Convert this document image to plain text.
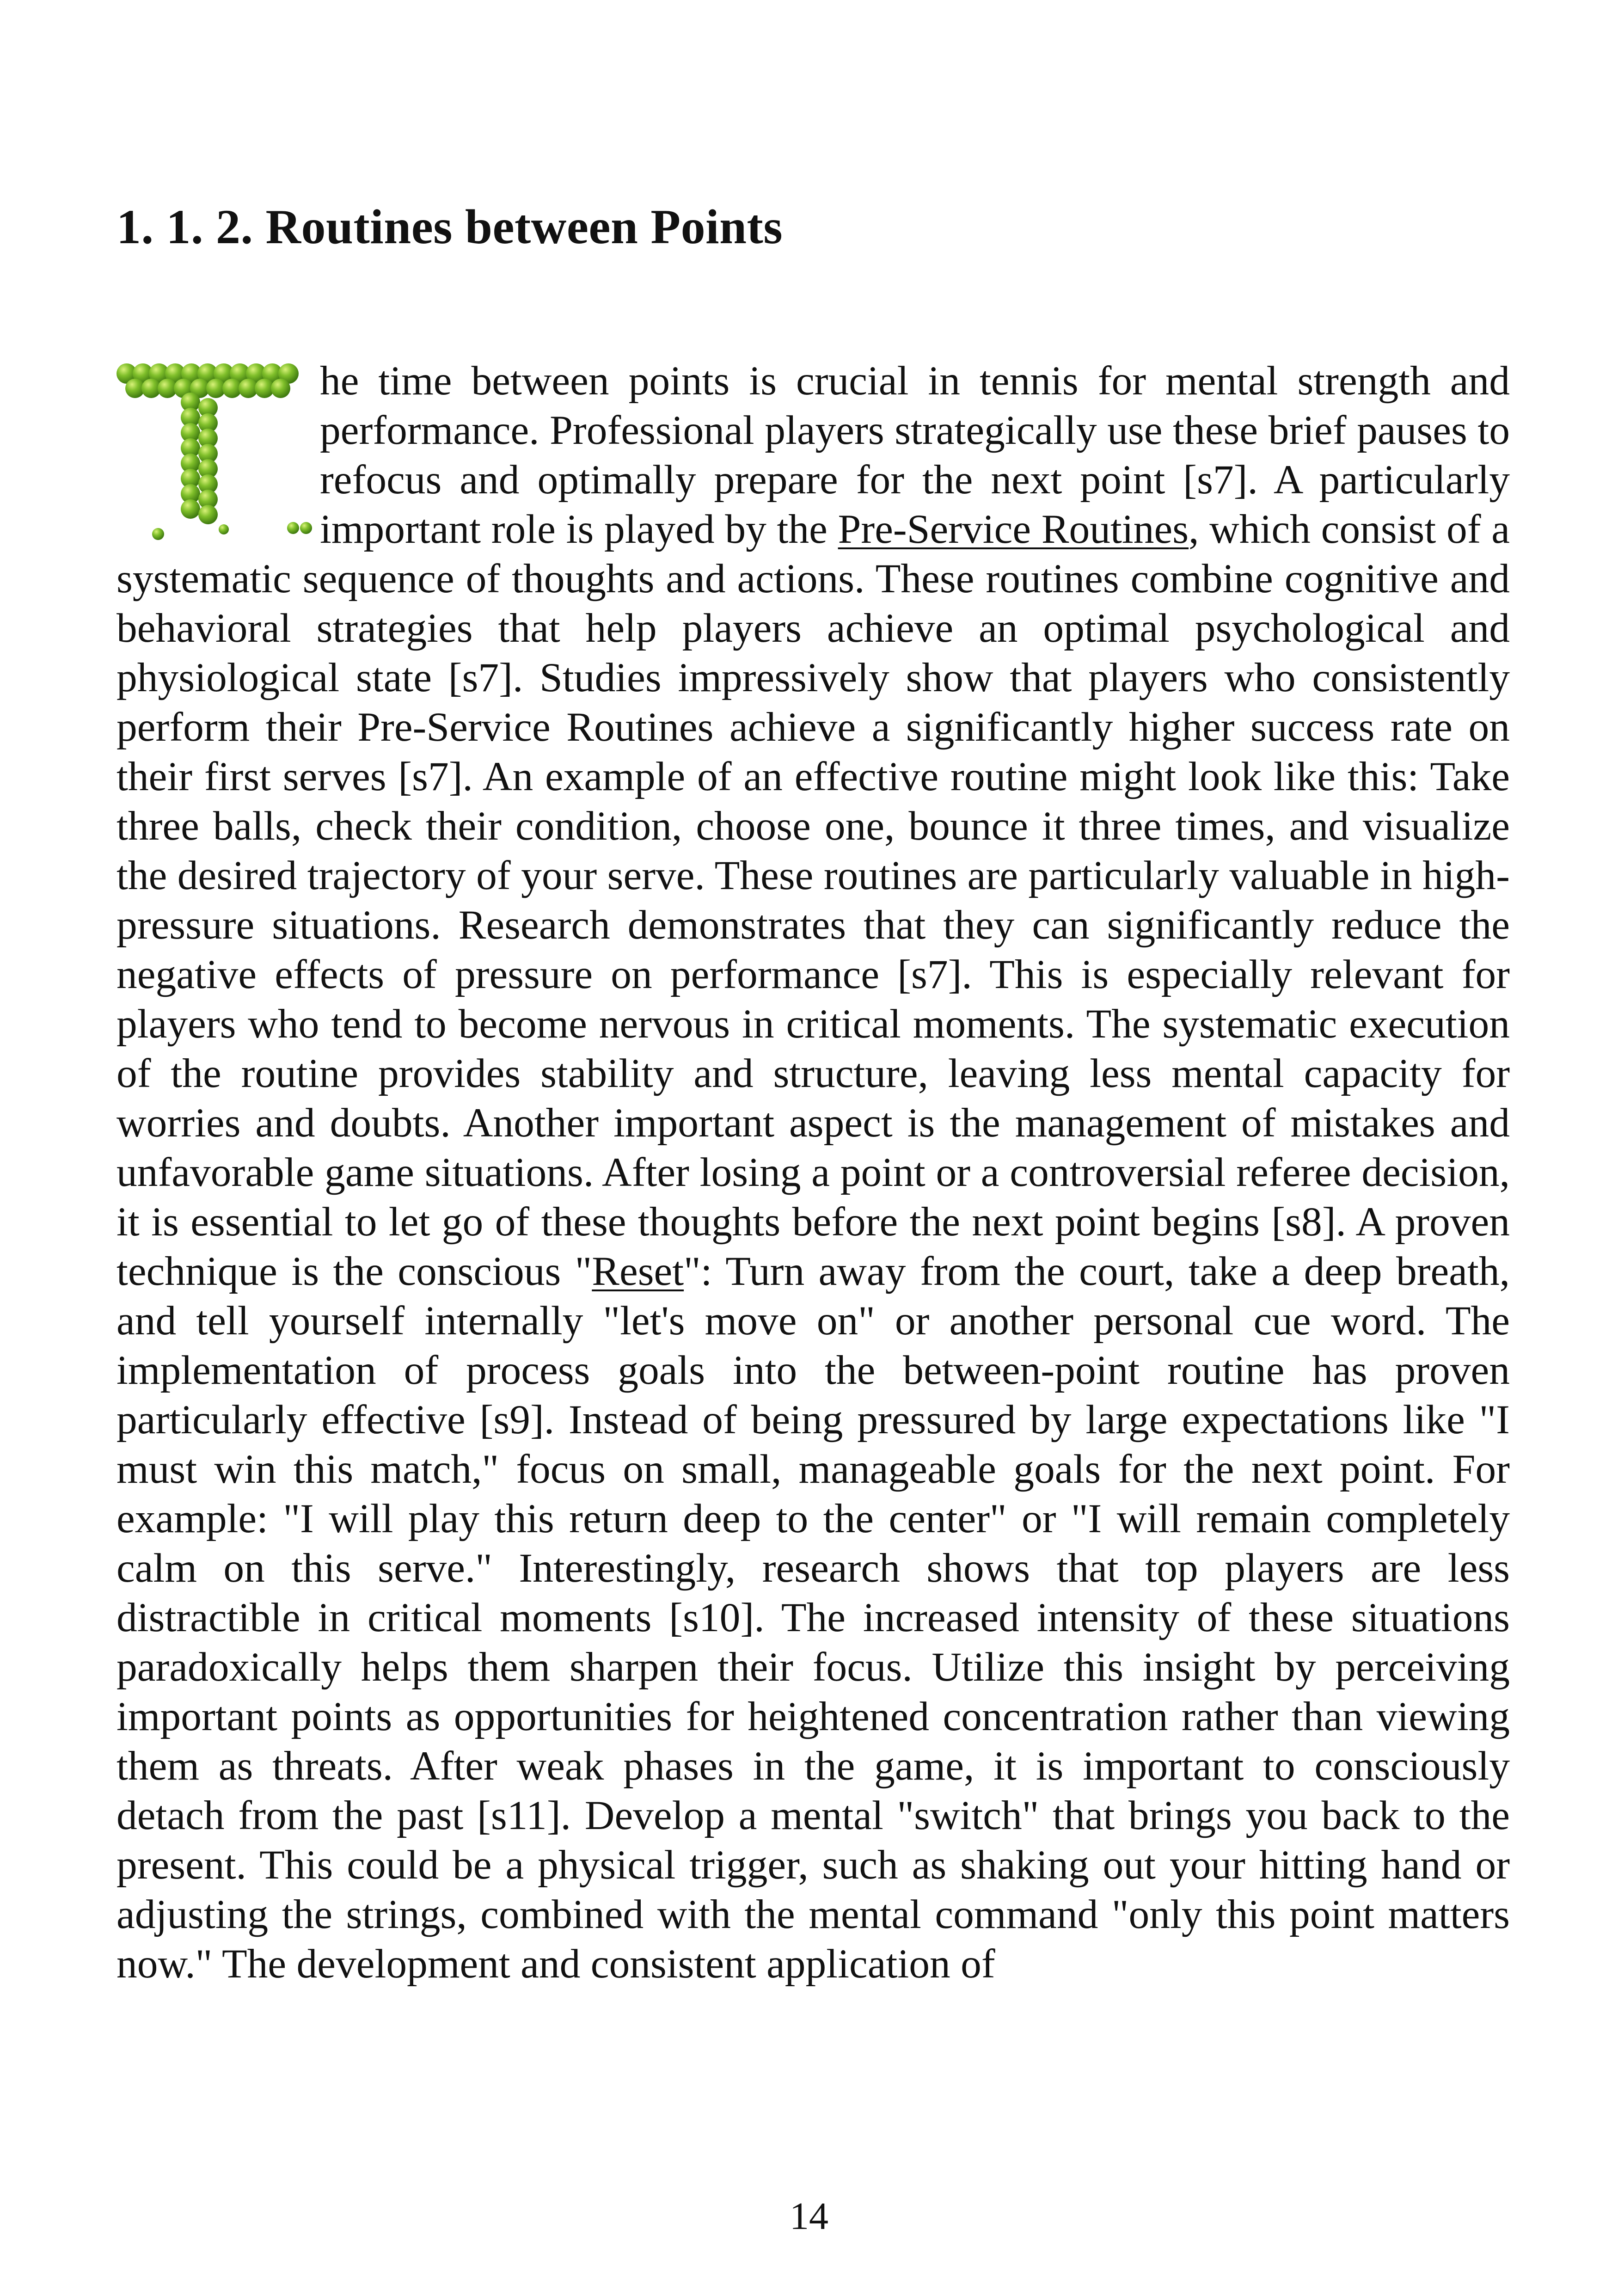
1. 1. 2. Routines between Points

he time between points is crucial in tennis for mental strength and performance. Professional players strategically use these brief pauses to refocus and optimally prepare for the next point [s7]. A particularly important role is played by the Pre-Service Routines, which consist of a systematic sequence of thoughts and actions. These routines combine cognitive and behavioral strategies that help players achieve an optimal psychological and physiological state [s7]. Studies impressively show that players who consistently perform their Pre-Service Routines achieve a significantly higher success rate on their first serves [s7]. An example of an effective routine might look like this: Take three balls, check their condition, choose one, bounce it three times, and visualize the desired trajectory of your serve. These routines are particularly valuable in high-pressure situations. Research demonstrates that they can significantly reduce the negative effects of pressure on performance [s7]. This is especially relevant for players who tend to become nervous in critical moments. The systematic execution of the routine provides stability and structure, leaving less mental capacity for worries and doubts. Another important aspect is the management of mistakes and unfavorable game situations. After losing a point or a controversial referee decision, it is essential to let go of these thoughts before the next point begins [s8]. A proven technique is the conscious "Reset": Turn away from the court, take a deep breath, and tell yourself internally "let's move on" or another personal cue word. The implementation of process goals into the between-point routine has proven particularly effective [s9]. Instead of being pressured by large expectations like "I must win this match," focus on small, manageable goals for the next point. For example: "I will play this return deep to the center" or "I will remain completely calm on this serve." Interestingly, research shows that top players are less distractible in critical moments [s10]. The increased intensity of these situations paradoxically helps them sharpen their focus. Utilize this insight by perceiving important points as opportunities for heightened concentration rather than viewing them as threats. After weak phases in the game, it is important to consciously detach from the past [s11]. Develop a mental "switch" that brings you back to the present. This could be a physical trigger, such as shaking out your hitting hand or adjusting the strings, combined with the mental command "only this point matters now." The development and consistent application of

14
